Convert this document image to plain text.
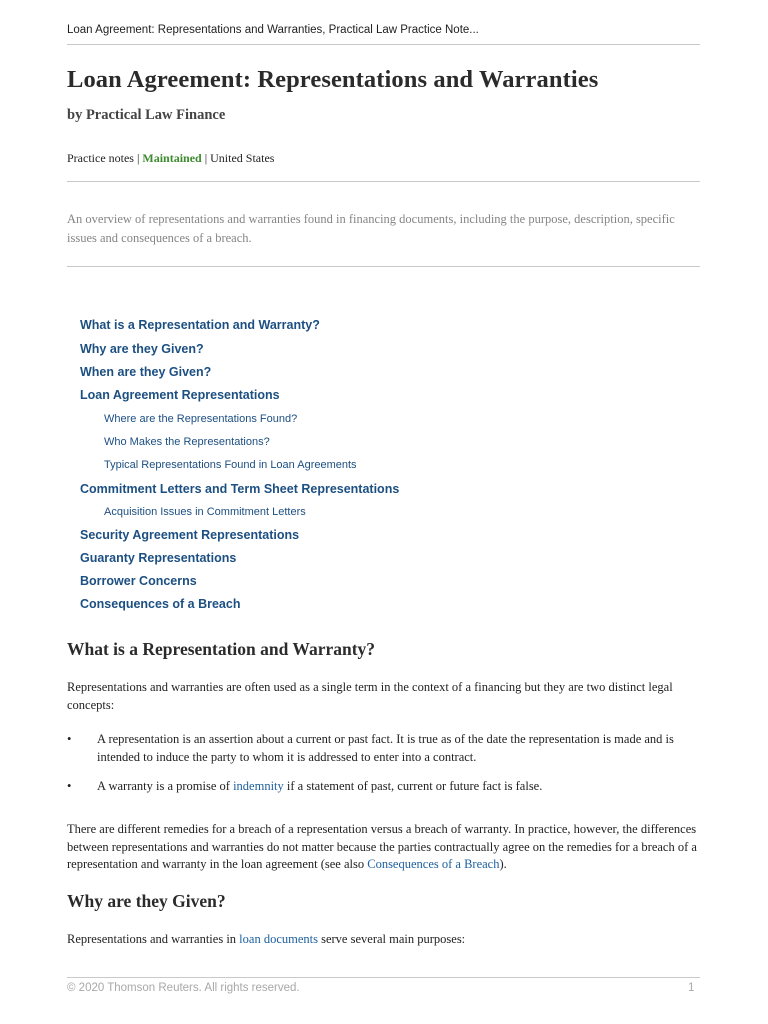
Loan Agreement: Representations and Warranties, Practical Law Practice Note...
Loan Agreement: Representations and Warranties
by Practical Law Finance
Practice notes | Maintained | United States

An overview of representations and warranties found in financing documents, including the purpose, description, specific issues and consequences of a breach.

What is a Representation and Warranty?
Why are they Given?
When are they Given?
Loan Agreement Representations
Where are the Representations Found?
Who Makes the Representations?
Typical Representations Found in Loan Agreements
Commitment Letters and Term Sheet Representations
Acquisition Issues in Commitment Letters
Security Agreement Representations
Guaranty Representations
Borrower Concerns
Consequences of a Breach
What is a Representation and Warranty?

Representations and warranties are often used as a single term in the context of a financing but they are two distinct legal concepts:

• A representation is an assertion about a current or past fact. It is true as of the date the representation is made and is intended to induce the party to whom it is addressed to enter into a contract.
• A warranty is a promise of indemnity if a statement of past, current or future fact is false.

There are different remedies for a breach of a representation versus a breach of warranty. In practice, however, the differences between representations and warranties do not matter because the parties contractually agree on the remedies for a breach of a representation and warranty in the loan agreement (see also Consequences of a Breach).

Why are they Given?

Representations and warranties in loan documents serve several main purposes:

© 2020 Thomson Reuters. All rights reserved.	1
